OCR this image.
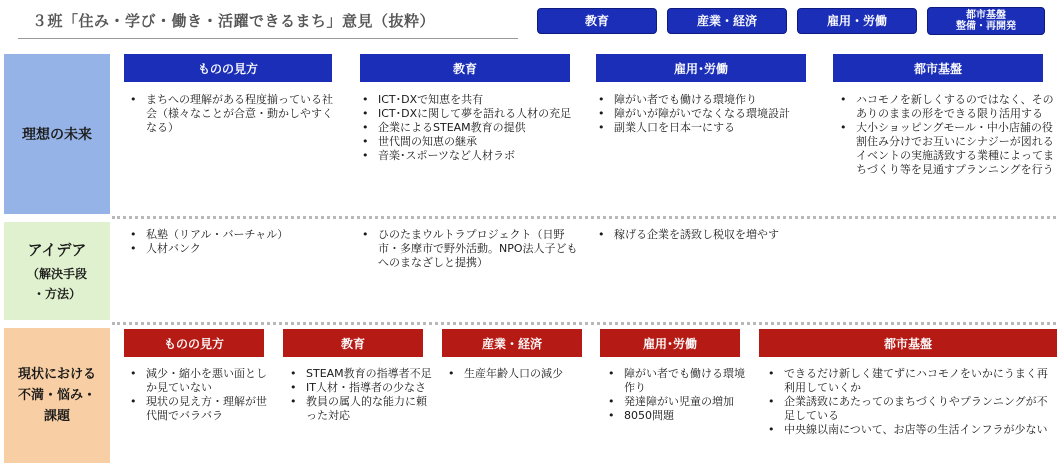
３班「住み・学び・働き・活躍できるまち」意見（抜粋）	教育	産業・経済	雇用・労働	都市基盤
整備・再開発
理想の未来
アイデア
（解決手段
・方法）
現状における
不満・悩み・
課題
ものの見方	教育	雇用･労働	都市基盤
• まちへの理解がある程度揃っている社会（様々なことが合意・動かしやすくなる）
• ICT･DXで知恵を共有
• ICT･DXに関して夢を語れる人材の充足
• 企業によるSTEAM教育の提供
• 世代間の知恵の継承
• 音楽･スポーツなど人材ラボ
• 障がい者でも働ける環境作り
• 障がいが障がいでなくなる環境設計
• 副業人口を日本一にする
• ハコモノを新しくするのではなく、そのありのままの形をできる限り活用する
• 大小ショッピングモール・中小店舗の役割住み分けでお互いにシナジーが図れるイベントの実施誘致する業種によってまちづくり等を見通すプランニングを行う
• 私塾（リアル・バーチャル）
• 人材バンク
• ひのたまウルトラプロジェクト（日野市・多摩市で野外活動。NPO法人子どもへのまなざしと提携）
• 稼げる企業を誘致し税収を増やす
ものの見方	教育	産業・経済	雇用･労働	都市基盤
• 減少・縮小を悪い面としか見ていない
• 現状の見え方・理解が世代間でバラバラ
• STEAM教育の指導者不足
• IT人材・指導者の少なさ
• 教員の属人的な能力に頼った対応
• 生産年齢人口の減少
•	障がい者でも働ける環境作り
• 発達障がい児童の増加
• 8050問題
• できるだけ新しく建てずにハコモノをいかにうまく再利用していくか
• 企業誘致にあたってのまちづくりやプランニングが不足している
• 中央線以南について、お店等の生活インフラが少ない
